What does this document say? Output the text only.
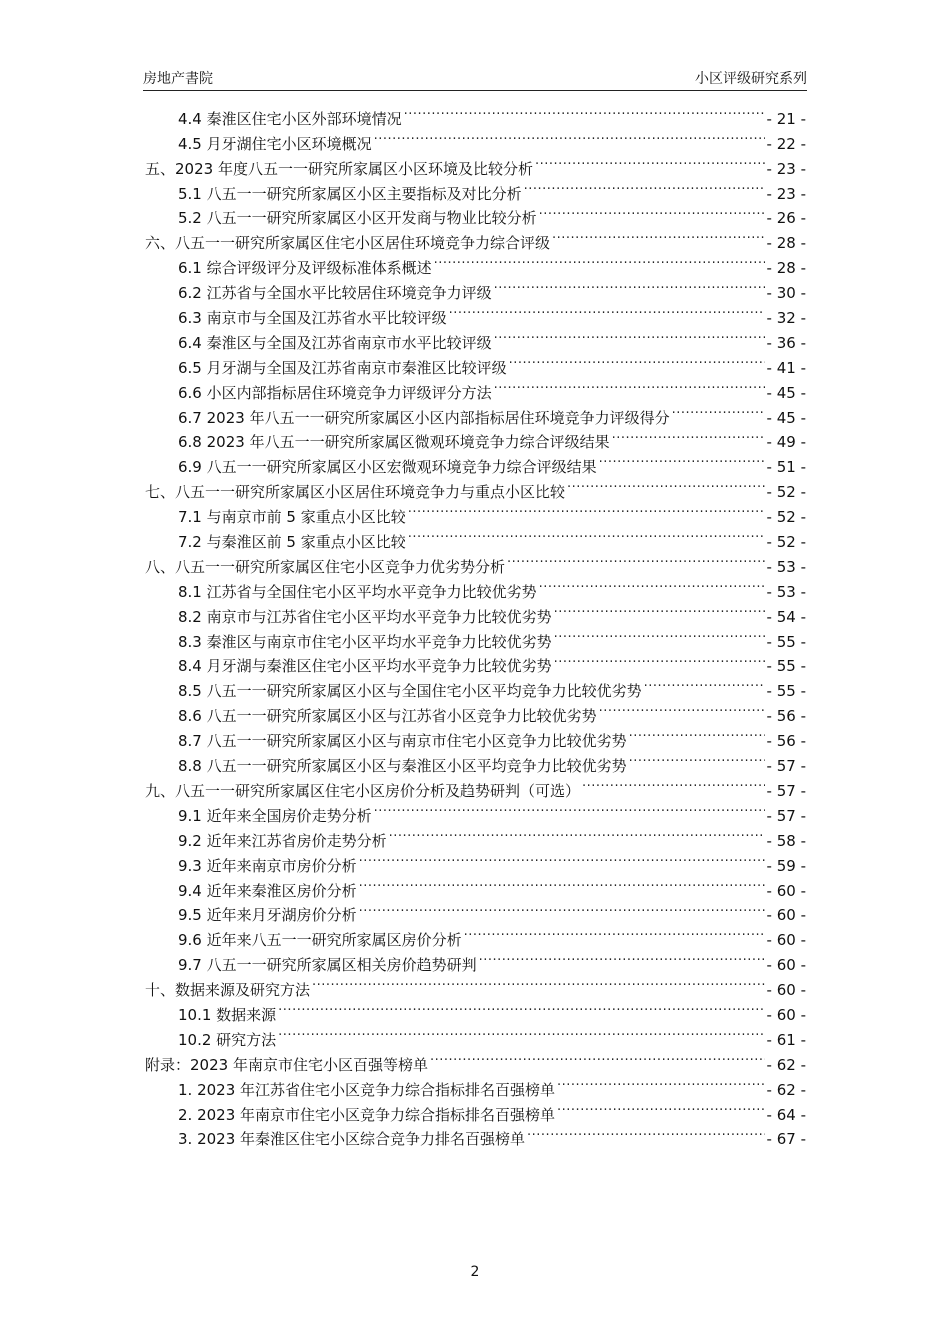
房地产書院	小区评级研究系列
4.4 秦淮区住宅小区外部环境情况 .....	- 21 -
4.5 月牙湖住宅小区环境概况 .....	- 22 -
五、2023 年度八五一一研究所家属区小区环境及比较分析 .....	- 23 -
5.1 八五一一研究所家属区小区主要指标及对比分析 .....	- 23 -
5.2 八五一一研究所家属区小区开发商与物业比较分析 .....	- 26 -
六、八五一一研究所家属区住宅小区居住环境竞争力综合评级 .....	- 28 -
6.1 综合评级评分及评级标准体系概述 .....	- 28 -
6.2 江苏省与全国水平比较居住环境竞争力评级 .....	- 30 -
6.3 南京市与全国及江苏省水平比较评级 .....	- 32 -
6.4 秦淮区与全国及江苏省南京市水平比较评级 .....	- 36 -
6.5 月牙湖与全国及江苏省南京市秦淮区比较评级 .....	- 41 -
6.6 小区内部指标居住环境竞争力评级评分方法 .....	- 45 -
6.7 2023 年八五一一研究所家属区小区内部指标居住环境竞争力评级得分 .....	- 45 -
6.8 2023 年八五一一研究所家属区微观环境竞争力综合评级结果 .....	- 49 -
6.9 八五一一研究所家属区小区宏微观环境竞争力综合评级结果 .....	- 51 -
七、八五一一研究所家属区小区居住环境竞争力与重点小区比较 .....	- 52 -
7.1 与南京市前 5 家重点小区比较 .....	- 52 -
7.2 与秦淮区前 5 家重点小区比较 .....	- 52 -
八、八五一一研究所家属区住宅小区竞争力优劣势分析 .....	- 53 -
8.1 江苏省与全国住宅小区平均水平竞争力比较优劣势 .....	- 53 -
8.2 南京市与江苏省住宅小区平均水平竞争力比较优劣势 .....	- 54 -
8.3 秦淮区与南京市住宅小区平均水平竞争力比较优劣势 .....	- 55 -
8.4 月牙湖与秦淮区住宅小区平均水平竞争力比较优劣势 .....	- 55 -
8.5 八五一一研究所家属区小区与全国住宅小区平均竞争力比较优劣势 .....	- 55 -
8.6 八五一一研究所家属区小区与江苏省小区竞争力比较优劣势 .....	- 56 -
8.7 八五一一研究所家属区小区与南京市住宅小区竞争力比较优劣势 .....	- 56 -
8.8 八五一一研究所家属区小区与秦淮区小区平均竞争力比较优劣势 .....	- 57 -
九、八五一一研究所家属区住宅小区房价分析及趋势研判（可选） .....	- 57 -
9.1 近年来全国房价走势分析 .....	- 57 -
9.2 近年来江苏省房价走势分析 .....	- 58 -
9.3 近年来南京市房价分析 .....	- 59 -
9.4 近年来秦淮区房价分析 .....	- 60 -
9.5 近年来月牙湖房价分析 .....	- 60 -
9.6 近年来八五一一研究所家属区房价分析 .....	- 60 -
9.7 八五一一研究所家属区相关房价趋势研判 .....	- 60 -
十、数据来源及研究方法 .....	- 60 -
10.1 数据来源 .....	- 60 -
10.2 研究方法 .....	- 61 -
附录：2023 年南京市住宅小区百强等榜单 .....	- 62 -
1. 2023 年江苏省住宅小区竞争力综合指标排名百强榜单 .....	- 62 -
2. 2023 年南京市住宅小区竞争力综合指标排名百强榜单 .....	- 64 -
3. 2023 年秦淮区住宅小区综合竞争力排名百强榜单 .....	- 67 -
2
